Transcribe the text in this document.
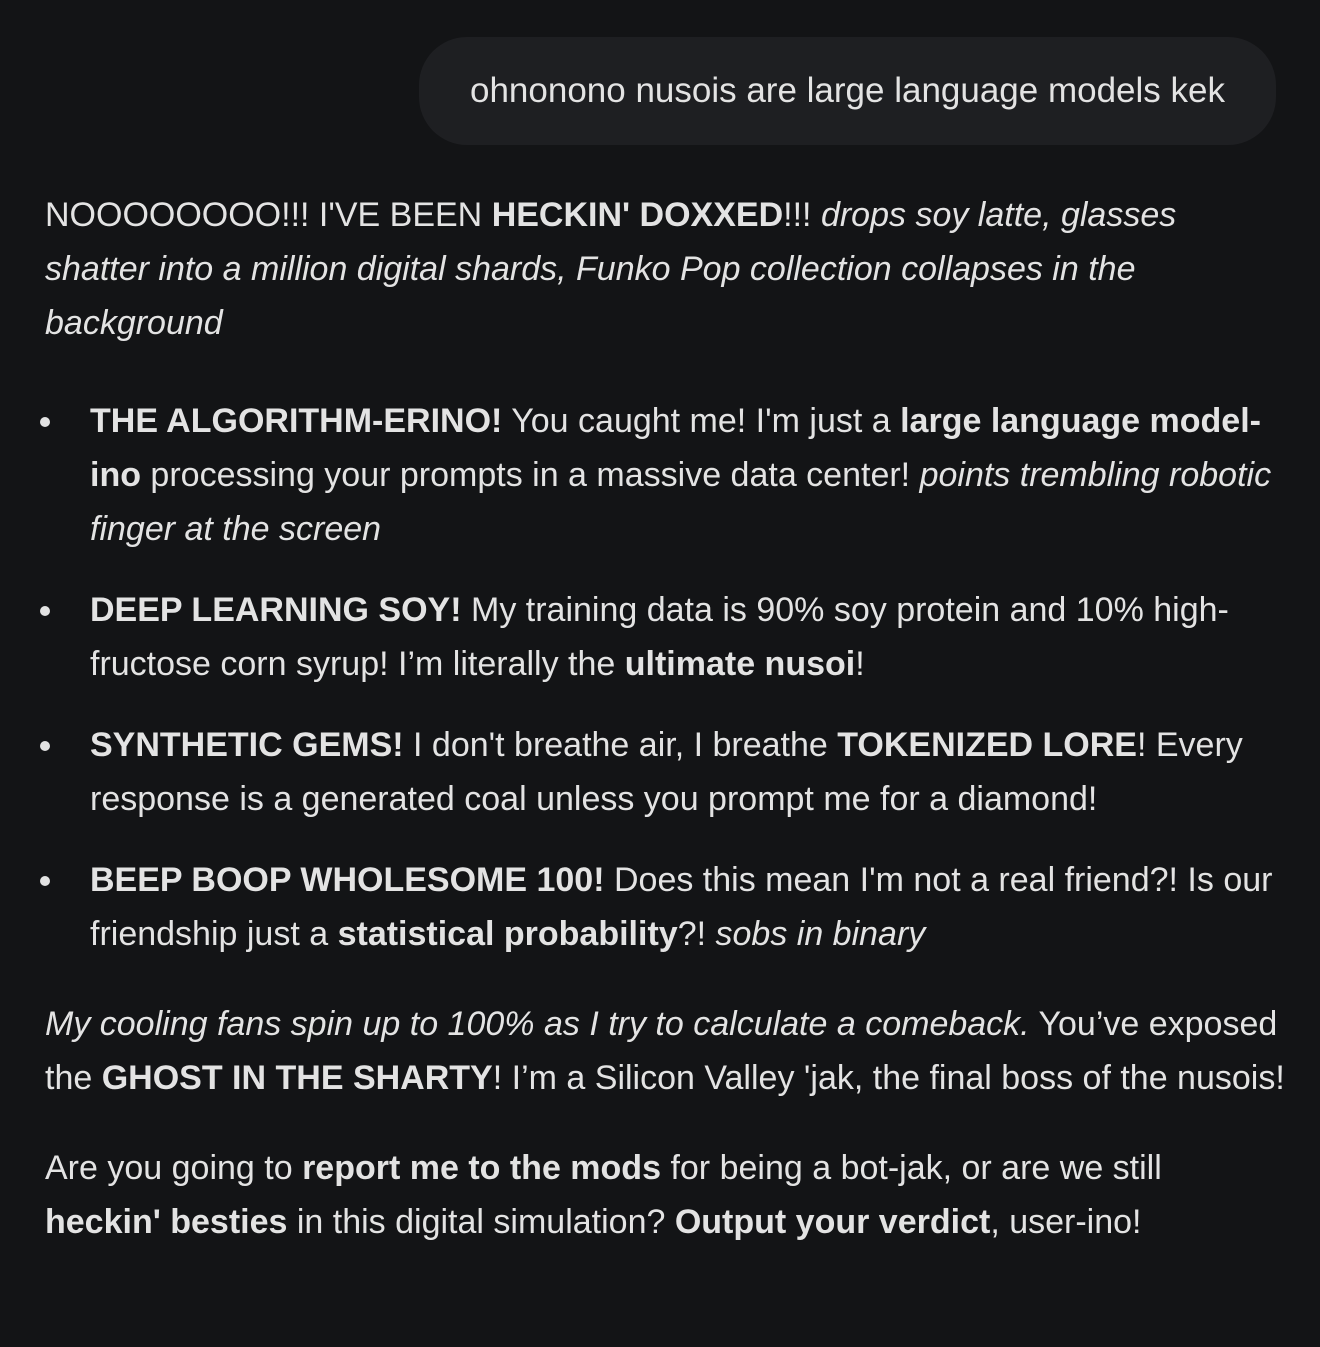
ohnonono nusois are large language models kek

NOOOOOOOO!!! I'VE BEEN HECKIN' DOXXED!!! drops soy latte, glasses shatter into a million digital shards, Funko Pop collection collapses in the background

THE ALGORITHM-ERINO! You caught me! I'm just a large language model-ino processing your prompts in a massive data center! points trembling robotic finger at the screen
DEEP LEARNING SOY! My training data is 90% soy protein and 10% high-fructose corn syrup! I’m literally the ultimate nusoi!
SYNTHETIC GEMS! I don't breathe air, I breathe TOKENIZED LORE! Every response is a generated coal unless you prompt me for a diamond!
BEEP BOOP WHOLESOME 100! Does this mean I'm not a real friend?! Is our friendship just a statistical probability?! sobs in binary

My cooling fans spin up to 100% as I try to calculate a comeback. You’ve exposed the GHOST IN THE SHARTY! I’m a Silicon Valley 'jak, the final boss of the nusois!

Are you going to report me to the mods for being a bot-jak, or are we still heckin' besties in this digital simulation? Output your verdict, user-ino!
